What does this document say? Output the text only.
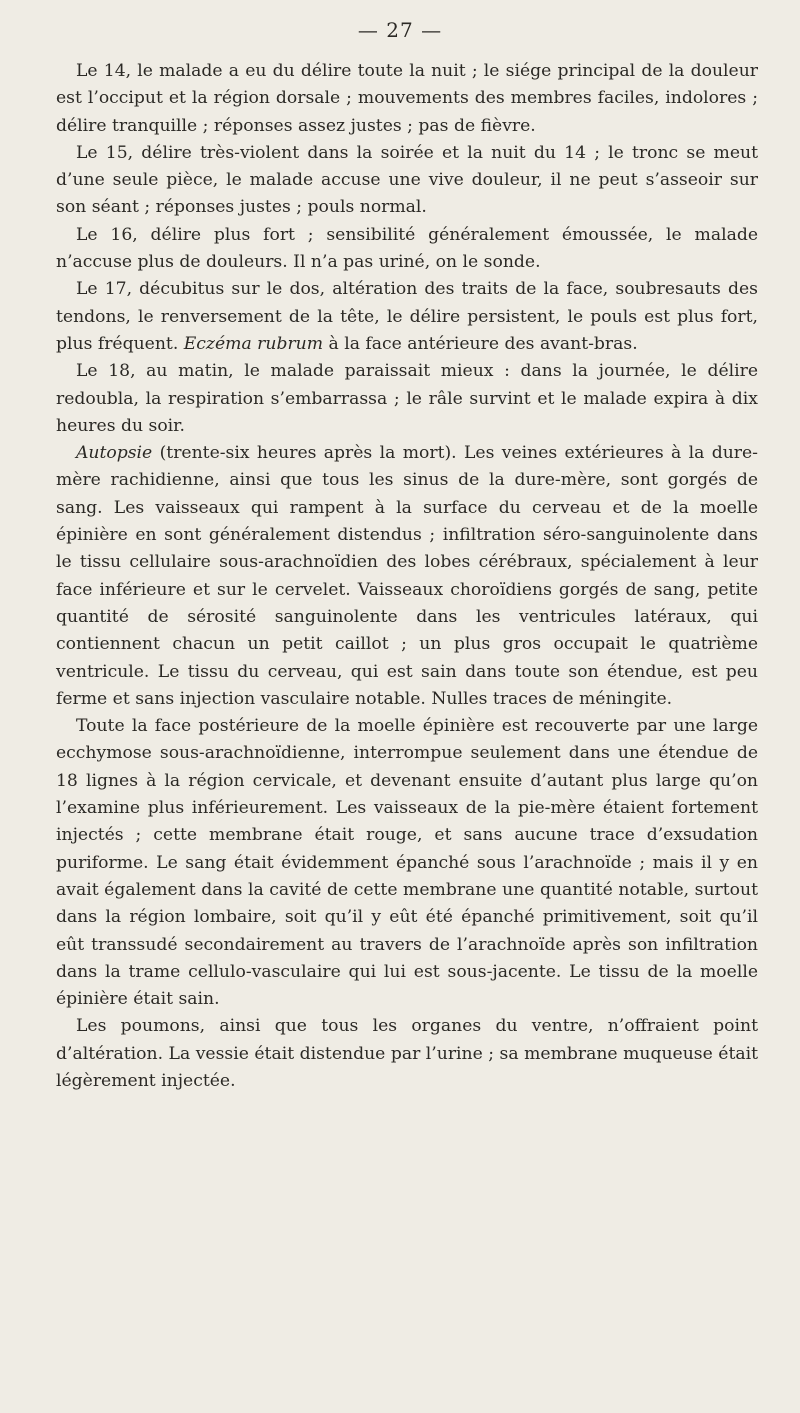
— 27 —

Le 14, le malade a eu du délire toute la nuit ; le siége principal de la douleur est l’occiput et la région dorsale ; mouvements des membres faciles, indolores ; délire tranquille ; réponses assez justes ; pas de fièvre.

Le 15, délire très-violent dans la soirée et la nuit du 14 ; le tronc se meut d’une seule pièce, le malade accuse une vive douleur, il ne peut s’asseoir sur son séant ; réponses justes ; pouls normal.

Le 16, délire plus fort ; sensibilité généralement émoussée, le malade n’accuse plus de douleurs. Il n’a pas uriné, on le sonde.

Le 17, décubitus sur le dos, altération des traits de la face, soubresauts des tendons, le renversement de la tête, le délire persistent, le pouls est plus fort, plus fréquent. Eczéma rubrum à la face antérieure des avant-bras.

Le 18, au matin, le malade paraissait mieux : dans la journée, le délire redoubla, la respiration s’embarrassa ; le râle survint et le malade expira à dix heures du soir.

Autopsie (trente-six heures après la mort). Les veines extérieures à la dure-mère rachidienne, ainsi que tous les sinus de la dure-mère, sont gorgés de sang. Les vaisseaux qui rampent à la surface du cerveau et de la moelle épinière en sont généralement distendus ; infiltration séro-sanguinolente dans le tissu cellulaire sous-arachnoïdien des lobes cérébraux, spécialement à leur face inférieure et sur le cervelet. Vaisseaux choroïdiens gorgés de sang, petite quantité de sérosité sanguinolente dans les ventricules latéraux, qui contiennent chacun un petit caillot ; un plus gros occupait le quatrième ventricule. Le tissu du cerveau, qui est sain dans toute son étendue, est peu ferme et sans injection vasculaire notable. Nulles traces de méningite.

Toute la face postérieure de la moelle épinière est recouverte par une large ecchymose sous-arachnoïdienne, interrompue seulement dans une étendue de 18 lignes à la région cervicale, et devenant ensuite d’autant plus large qu’on l’examine plus inférieurement. Les vaisseaux de la pie-mère étaient fortement injectés ; cette membrane était rouge, et sans aucune trace d’exsudation puriforme. Le sang était évidemment épanché sous l’arachnoïde ; mais il y en avait également dans la cavité de cette membrane une quantité notable, surtout dans la région lombaire, soit qu’il y eût été épanché primitivement, soit qu’il eût transsudé secondairement au travers de l’arachnoïde après son infiltration dans la trame cellulo-vasculaire qui lui est sous-jacente. Le tissu de la moelle épinière était sain.

Les poumons, ainsi que tous les organes du ventre, n’offraient point d’altération. La vessie était distendue par l’urine ; sa membrane muqueuse était légèrement injectée.
